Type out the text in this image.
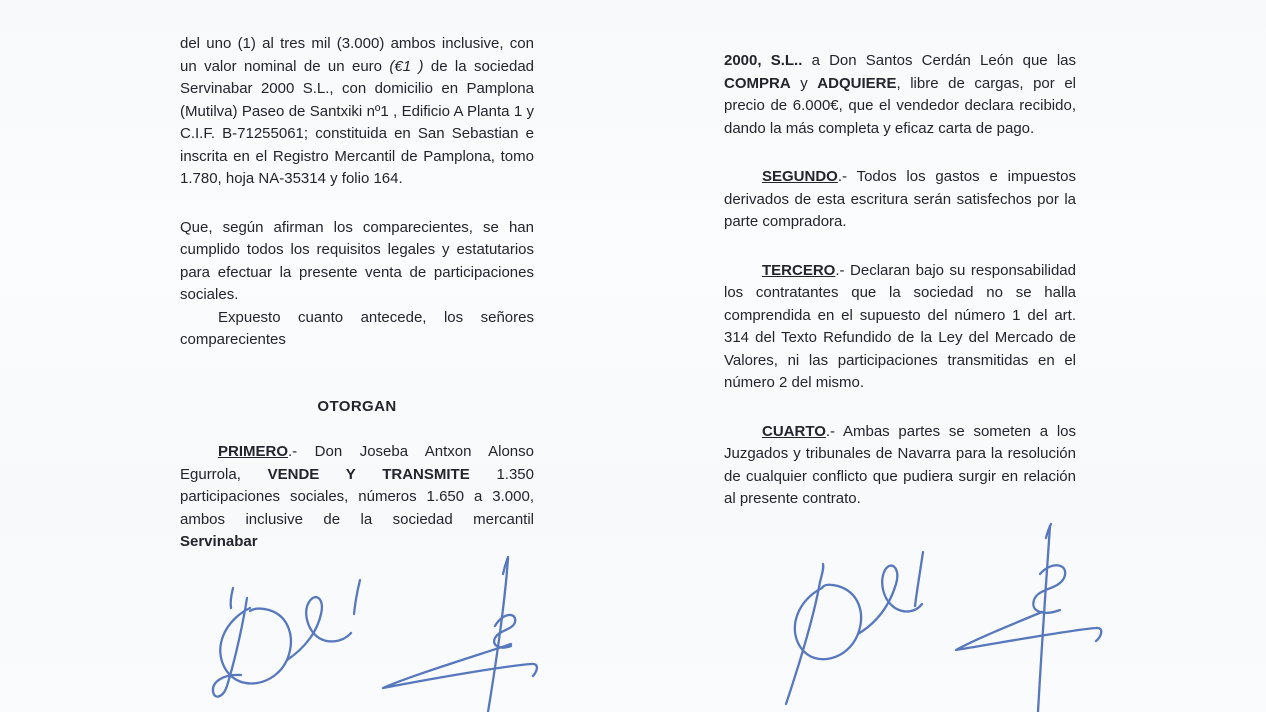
del uno (1) al tres mil (3.000) ambos inclusive, con un valor nominal de un euro (€1 ) de la sociedad Servinabar 2000 S.L., con domicilio en Pamplona (Mutilva) Paseo de Santxiki nº1 , Edificio A Planta 1 y C.I.F. B-71255061; constituida en San Sebastian e inscrita en el Registro Mercantil de Pamplona, tomo 1.780, hoja NA-35314 y folio 164.

Que, según afirman los comparecientes, se han cumplido todos los requisitos legales y estatutarios para efectuar la presente venta de participaciones sociales.

Expuesto cuanto antecede, los señores comparecientes

OTORGAN

PRIMERO.- Don Joseba Antxon Alonso Egurrola, VENDE Y TRANSMITE 1.350 participaciones sociales, números 1.650 a 3.000, ambos inclusive de la sociedad mercantil Servinabar

2000, S.L.. a Don Santos Cerdán León que las COMPRA y ADQUIERE, libre de cargas, por el precio de 6.000€, que el vendedor declara recibido, dando la más completa y eficaz carta de pago.

SEGUNDO.- Todos los gastos e impuestos derivados de esta escritura serán satisfechos por la parte compradora.

TERCERO.- Declaran bajo su responsabilidad los contratantes que la sociedad no se halla comprendida en el supuesto del número 1 del art. 314 del Texto Refundido de la Ley del Mercado de Valores, ni las participaciones transmitidas en el número 2 del mismo.

CUARTO.- Ambas partes se someten a los Juzgados y tribunales de Navarra para la resolución de cualquier conflicto que pudiera surgir en relación al presente contrato.
